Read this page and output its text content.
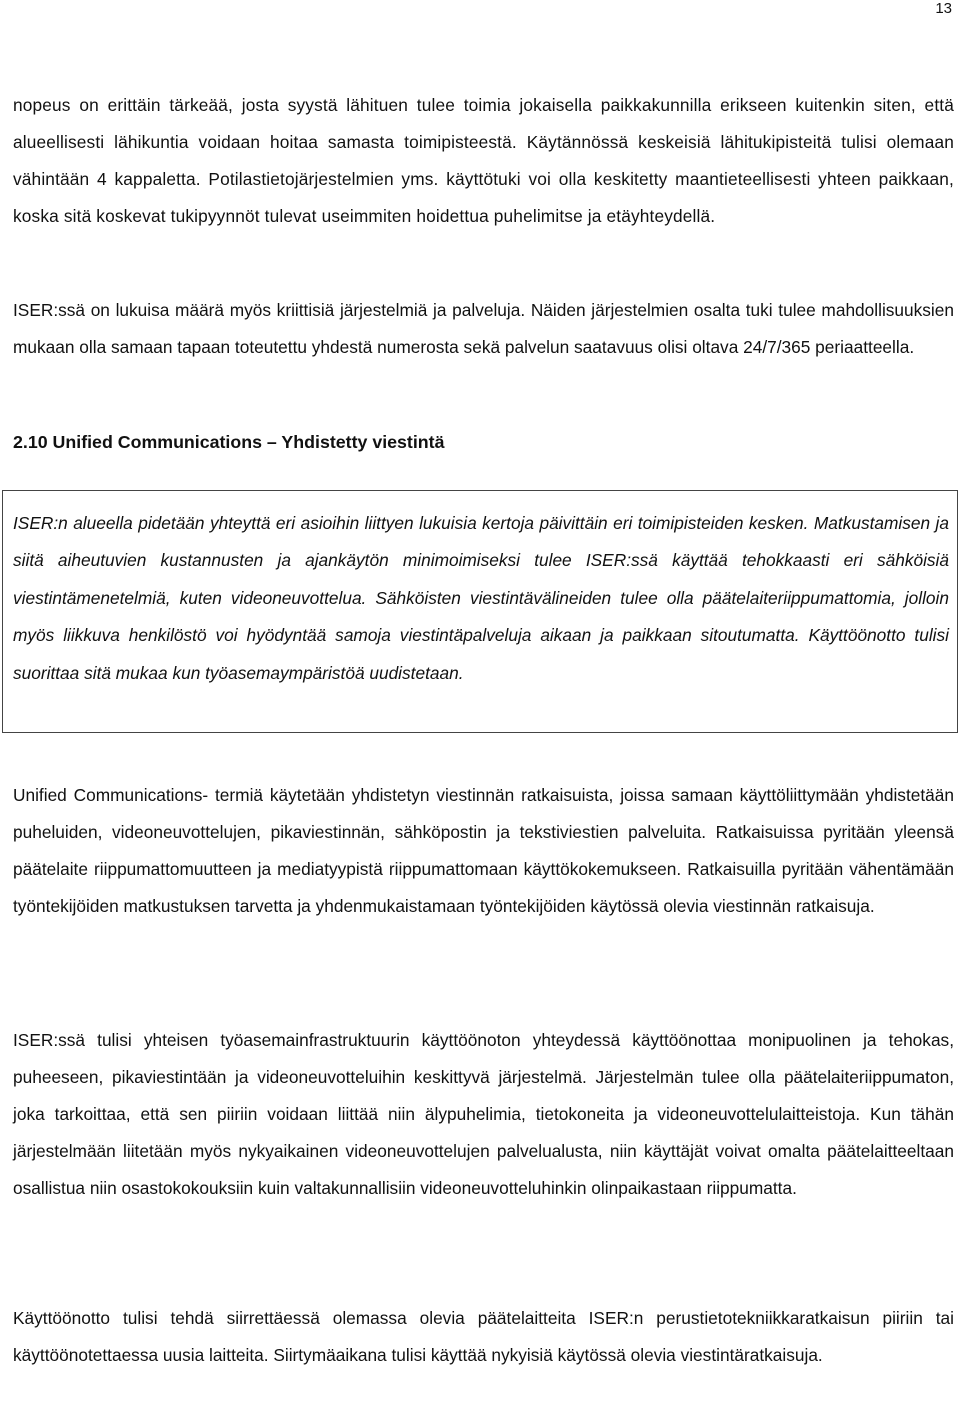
13

nopeus on erittäin tärkeää, josta syystä lähituen tulee toimia jokaisella paikkakunnilla erikseen kuitenkin siten, että alueellisesti lähikuntia voidaan hoitaa samasta toimipisteestä. Käytännössä keskeisiä lähitukipisteitä tulisi olemaan vähintään 4 kappaletta. Potilastietojärjestelmien yms. käyttötuki voi olla keskitetty maantieteellisesti yhteen paikkaan, koska sitä koskevat tukipyynnöt tulevat useimmiten hoidettua puhelimitse ja etäyhteydellä.

ISER:ssä on lukuisa määrä myös kriittisiä järjestelmiä ja palveluja. Näiden järjestelmien osalta tuki tulee mahdollisuuksien mukaan olla samaan tapaan toteutettu yhdestä numerosta sekä palvelun saatavuus olisi oltava 24/7/365 periaatteella.

2.10 Unified Communications – Yhdistetty viestintä

ISER:n alueella pidetään yhteyttä eri asioihin liittyen lukuisia kertoja päivittäin eri toimipisteiden kesken. Matkustamisen ja siitä aiheutuvien kustannusten ja ajankäytön minimoimiseksi tulee ISER:ssä käyttää tehokkaasti eri sähköisiä viestintämenetelmiä, kuten videoneuvottelua. Sähköisten viestintävälineiden tulee olla päätelaiteriippumattomia, jolloin myös liikkuva henkilöstö voi hyödyntää samoja viestintäpalveluja aikaan ja paikkaan sitoutumatta. Käyttöönotto tulisi suorittaa sitä mukaa kun työasemaympäristöä uudistetaan.

Unified Communications- termiä käytetään yhdistetyn viestinnän ratkaisuista, joissa samaan käyttöliittymään yhdistetään puheluiden, videoneuvottelujen, pikaviestinnän, sähköpostin ja tekstiviestien palveluita. Ratkaisuissa pyritään yleensä päätelaite riippumattomuutteen ja mediatyypistä riippumattomaan käyttökokemukseen. Ratkaisuilla pyritään vähentämään työntekijöiden matkustuksen tarvetta ja yhdenmukaistamaan työntekijöiden käytössä olevia viestinnän ratkaisuja.

ISER:ssä tulisi yhteisen työasemainfrastruktuurin käyttöönoton yhteydessä käyttöönottaa monipuolinen ja tehokas, puheeseen, pikaviestintään ja videoneuvotteluihin keskittyvä järjestelmä. Järjestelmän tulee olla päätelaiteriippumaton, joka tarkoittaa, että sen piiriin voidaan liittää niin älypuhelimia, tietokoneita ja videoneuvottelulaitteistoja. Kun tähän järjestelmään liitetään myös nykyaikainen videoneuvottelujen palvelualusta, niin käyttäjät voivat omalta päätelaitteeltaan osallistua niin osastokokouksiin kuin valtakunnallisiin videoneuvotteluhinkin olinpaikastaan riippumatta.

Käyttöönotto tulisi tehdä siirrettäessä olemassa olevia päätelaitteita ISER:n perustietotekniikkaratkaisun piiriin tai käyttöönotettaessa uusia laitteita. Siirtymäaikana tulisi käyttää nykyisiä käytössä olevia viestintäratkaisuja.
